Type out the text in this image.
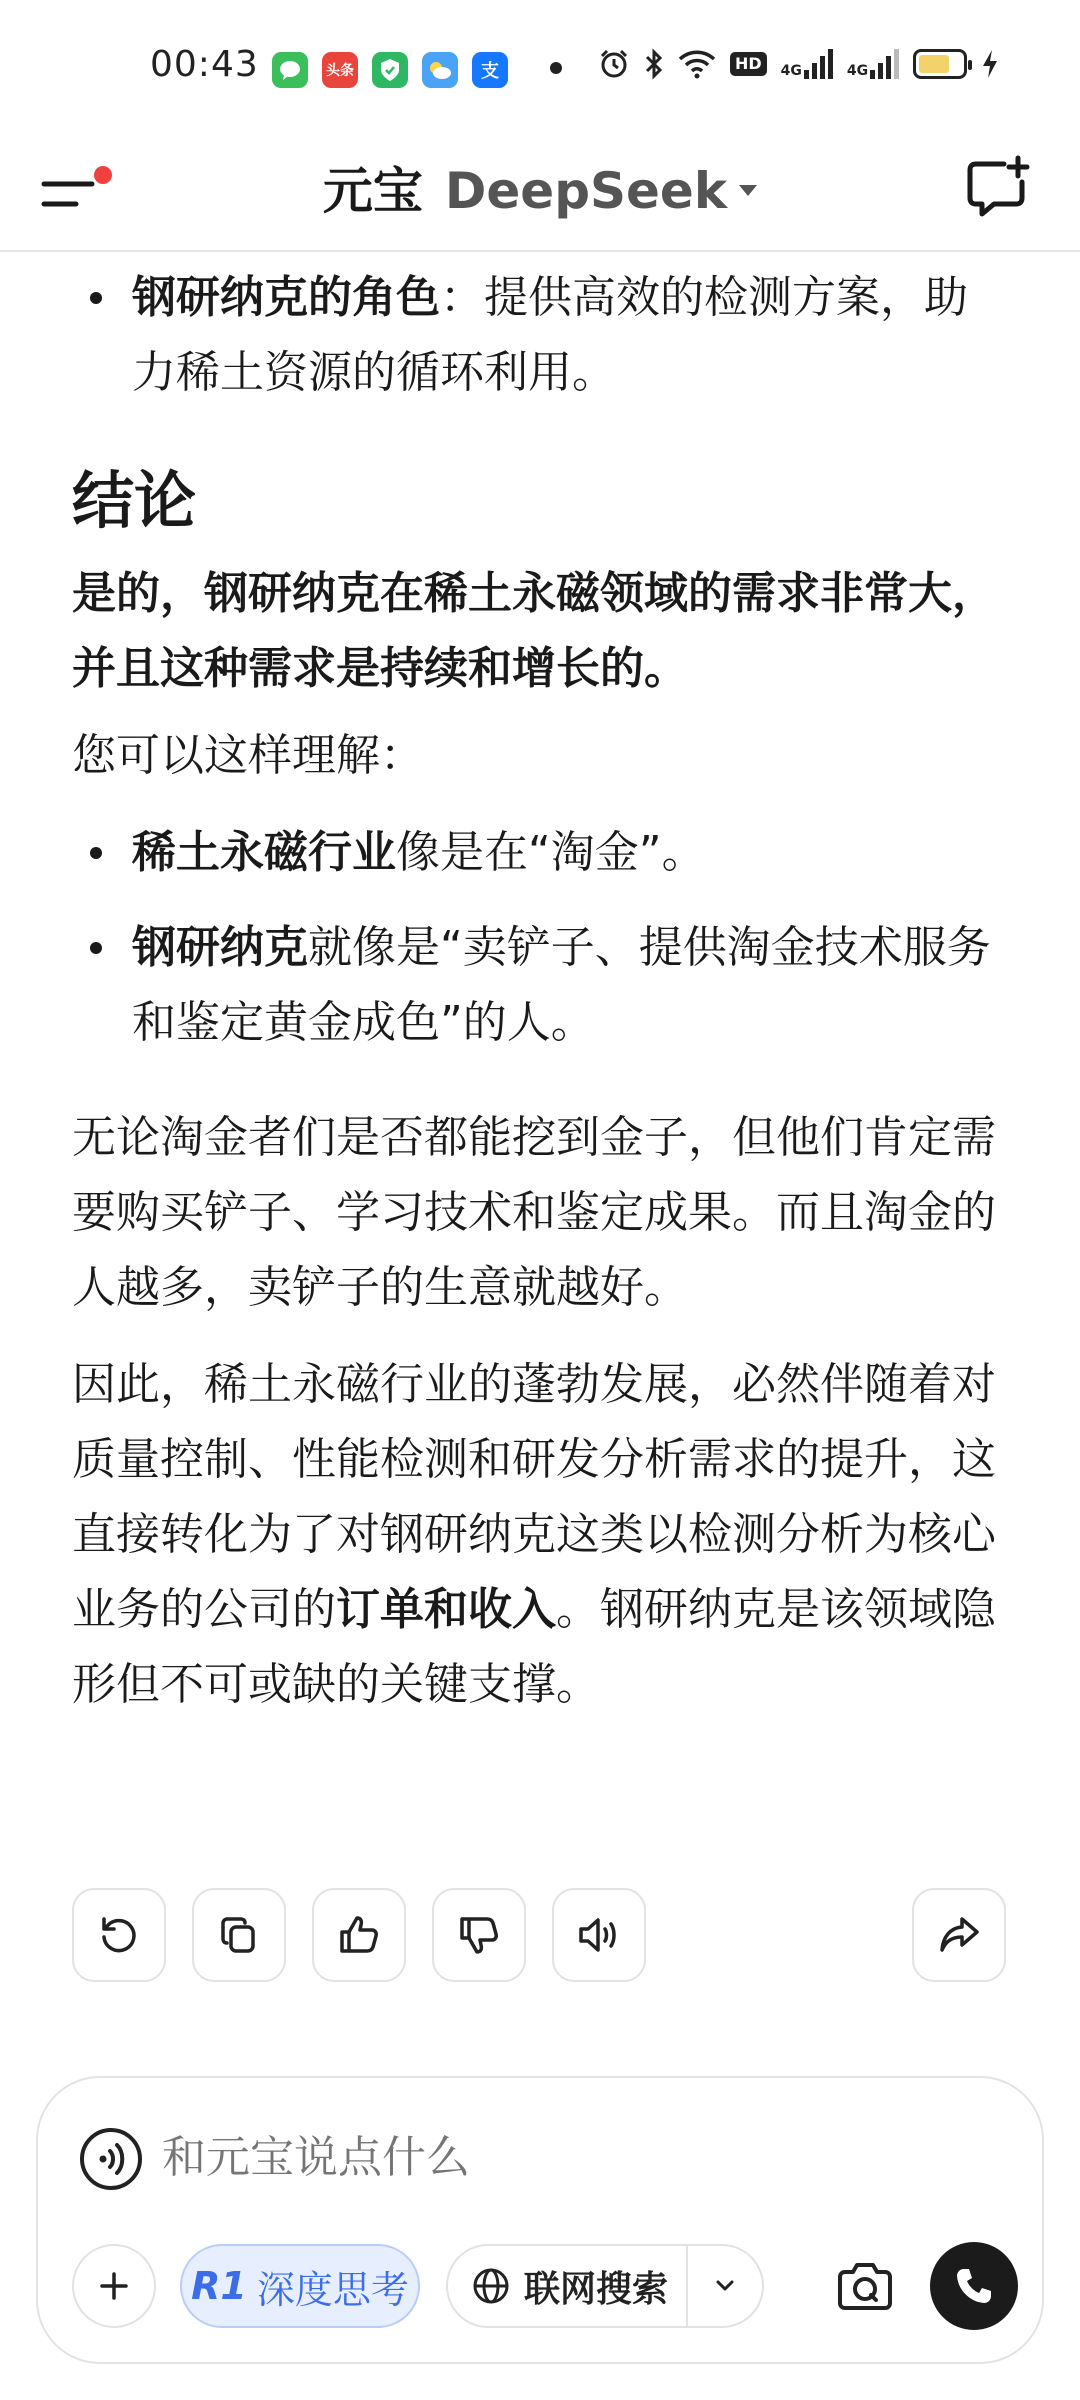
00:43	头条	支	HD	4G	4G
元宝 DeepSeek
钢研纳克的角色：提供高效的检测方案，助力稀土资源的循环利用。
结论

是的，钢研纳克在稀土永磁领域的需求非常大，并且这种需求是持续和增长的。

您可以这样理解：

稀土永磁行业像是在“淘金”。
钢研纳克就像是“卖铲子、提供淘金技术服务和鉴定黄金成色”的人。

无论淘金者们是否都能挖到金子，但他们肯定需要购买铲子、学习技术和鉴定成果。而且淘金的人越多，卖铲子的生意就越好。

因此，稀土永磁行业的蓬勃发展，必然伴随着对质量控制、性能检测和研发分析需求的提升，这直接转化为了对钢研纳克这类以检测分析为核心业务的公司的订单和收入。钢研纳克是该领域隐形但不可或缺的关键支撑。

和元宝说点什么
R1 深度思考	联网搜索
